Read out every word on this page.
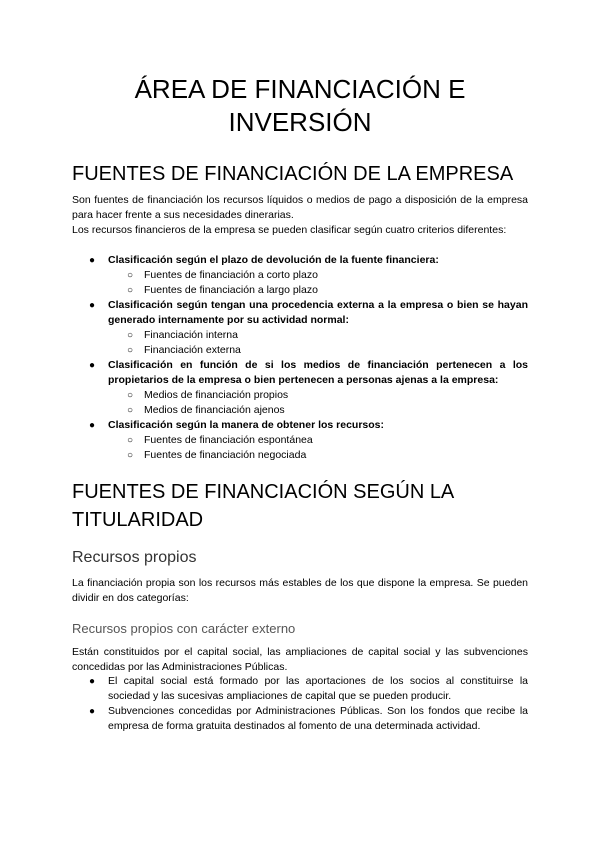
ÁREA DE FINANCIACIÓN E
INVERSIÓN
FUENTES DE FINANCIACIÓN DE LA EMPRESA

Son fuentes de financiación los recursos líquidos o medios de pago a disposición de la empresa para hacer frente a sus necesidades dinerarias.

Los recursos financieros de la empresa se pueden clasificar según cuatro criterios diferentes:

● Clasificación según el plazo de devolución de la fuente financiera:
○ Fuentes de financiación a corto plazo
○ Fuentes de financiación a largo plazo
● Clasificación según tengan una procedencia externa a la empresa o bien se hayan generado internamente por su actividad normal:
○ Financiación interna
○ Financiación externa
● Clasificación en función de si los medios de financiación pertenecen a los propietarios de la empresa o bien pertenecen a personas ajenas a la empresa:
○ Medios de financiación propios
○ Medios de financiación ajenos
● Clasificación según la manera de obtener los recursos:
○ Fuentes de financiación espontánea
○ Fuentes de financiación negociada
FUENTES DE FINANCIACIÓN SEGÚN LA
TITULARIDAD
Recursos propios

La financiación propia son los recursos más estables de los que dispone la empresa. Se pueden dividir en dos categorías:

Recursos propios con carácter externo

Están constituidos por el capital social, las ampliaciones de capital social y las subvenciones concedidas por las Administraciones Públicas.

● El capital social está formado por las aportaciones de los socios al constituirse la sociedad y las sucesivas ampliaciones de capital que se pueden producir.
● Subvenciones concedidas por Administraciones Públicas. Son los fondos que recibe la empresa de forma gratuita destinados al fomento de una determinada actividad.
